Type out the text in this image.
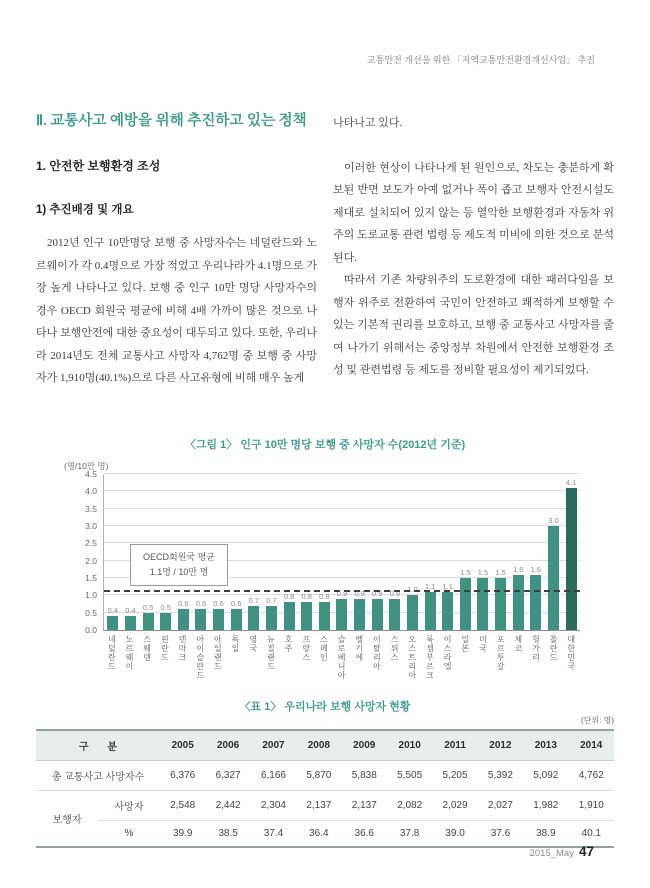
교통안전 개선을 위한 「지역교통안전환경개선사업」 추진
Ⅱ. 교통사고 예방을 위해 추진하고 있는 정책
1. 안전한 보행환경 조성
1) 추진배경 및 개요

2012년 인구 10만명당 보행 중 사망자수는 네덜란드와 노르웨이가 각 0.4명으로 가장 적었고 우리나라가 4.1명으로 가장 높게 나타나고 있다. 보행 중 인구 10만 명당 사망자수의 경우 OECD 회원국 평균에 비해 4배 가까이 많은 것으로 나타나 보행안전에 대한 중요성이 대두되고 있다. 또한, 우리나라 2014년도 전체 교통사고 사망자 4,762명 중 보행 중 사망자가 1,910명(40.1%)으로 다른 사고유형에 비해 매우 높게

나타나고 있다.

이러한 현상이 나타나게 된 원인으로, 차도는 충분하게 확보된 반면 보도가 아예 없거나 폭이 좁고 보행자 안전시설도 제대로 설치되어 있지 않는 등 열악한 보행환경과 자동차 위주의 도로교통 관련 법령 등 제도적 미비에 의한 것으로 분석된다.

따라서 기존 차량위주의 도로환경에 대한 패러다임을 보행자 위주로 전환하여 국민이 안전하고 쾌적하게 보행할 수 있는 기본적 권리를 보호하고, 보행 중 교통사고 사망자를 줄여 나가기 위해서는 중앙정부 차원에서 안전한 보행환경 조성 및 관련법령 등 제도를 정비할 필요성이 제기되었다.

〈그림 1〉 인구 10만 명당 보행 중 사망자 수(2012년 기준)
(명/10만 명)
OECD회원국 평균
1.1명 / 10만 명
0.0
0.5
1.0
1.5
2.0
2.5
3.0
3.5
4.0
4.5
0.4 0.4 0.5 0.5 0.6 0.6 0.6 0.6 0.7 0.7 0.8 0.8 0.8 0.9 0.9 0.9 0.9 1.0 1.1 1.1
1.5 1.5 1.5 1.6 1.6
3.0
4.1
네덜란드 노르웨이 스웨덴 핀란드 덴마크 아이슬란드 아일랜드 독일 영국 뉴질랜드 호주 프랑스 스페인 슬로베니아 벨기에 이탈리아 스위스 오스트리아 룩셈부르크 이스라엘 일본 미국 포르투갈 체코 헝가리 폴란드 대한민국
〈표 1〉 우리나라 보행 사망자 현황
(단위: 명)
구 분		2005	2006	2007	2008	2009	2010	2011	2012	2013	2014
총 교통사고 사망자수		6,376	6,327	6,166	5,870	5,838	5,505	5,205	5,392	5,092	4,762
보행자	사망자	2,548	2,442	2,304	2,137	2,137	2,082	2,029	2,027	1,982	1,910
	%	39.9	38.5	37.4	36.4	36.6	37.8	39.0	37.6	38.9	40.1
2015_May 47
